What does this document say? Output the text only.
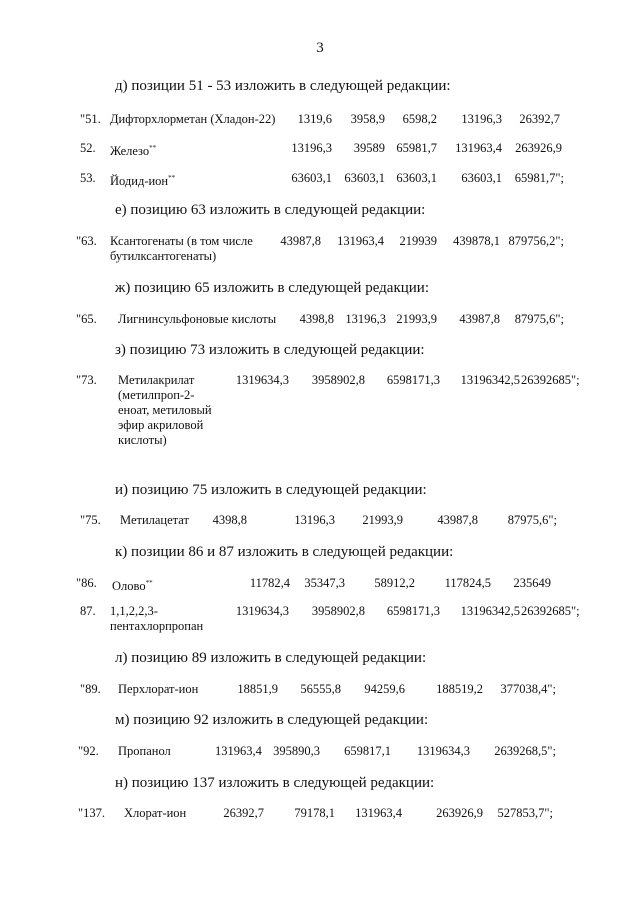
3
д) позиции 51 - 53 изложить в следующей редакции:
"51. Дифторхлорметан (Хладон-22)	1319,6	3958,9	6598,2	13196,3	26392,7
52. Железо**	13196,3	39589 65981,7	131963,4	263926,9
53. Йодид-ион**	63603,1 63603,1 63603,1	63603,1	65981,7";
е) позицию 63 изложить в следующей редакции:
"63. Ксантогенаты (в том числе бутилксантогенаты)
43987,8	131963,4	219939	439878,1 879756,2";
ж) позицию 65 изложить в следующей редакции:
"65. Лигнинсульфоновые кислоты	4398,8 13196,3 21993,9	43987,8	87975,6";
з) позицию 73 изложить в следующей редакции:
"73. Метилакрилат (метилпроп-2-еноат, метиловый эфир акриловой кислоты)
1319634,3	3958902,8	6598171,3	13196342,5 26392685";
и) позицию 75 изложить в следующей редакции:
"75. Метилацетат	4398,8	13196,3	21993,9	43987,8	87975,6";
к) позиции 86 и 87 изложить в следующей редакции:
"86. Олово**	11782,4	35347,3	58912,2	117824,5 235649
87. 1,1,2,2,3-пентахлорпропан
1319634,3	3958902,8	6598171,3	13196342,5 26392685";
л) позицию 89 изложить в следующей редакции:
"89. Перхлорат-ион	18851,9	56555,8 94259,6	188519,2 377038,4";
м) позицию 92 изложить в следующей редакции:
"92. Пропанол	131963,4 395890,3	659817,1	1319634,3	2639268,5";
н) позицию 137 изложить в следующей редакции:
"137. Хлорат-ион	26392,7	79178,1 131963,4	263926,9 527853,7";
